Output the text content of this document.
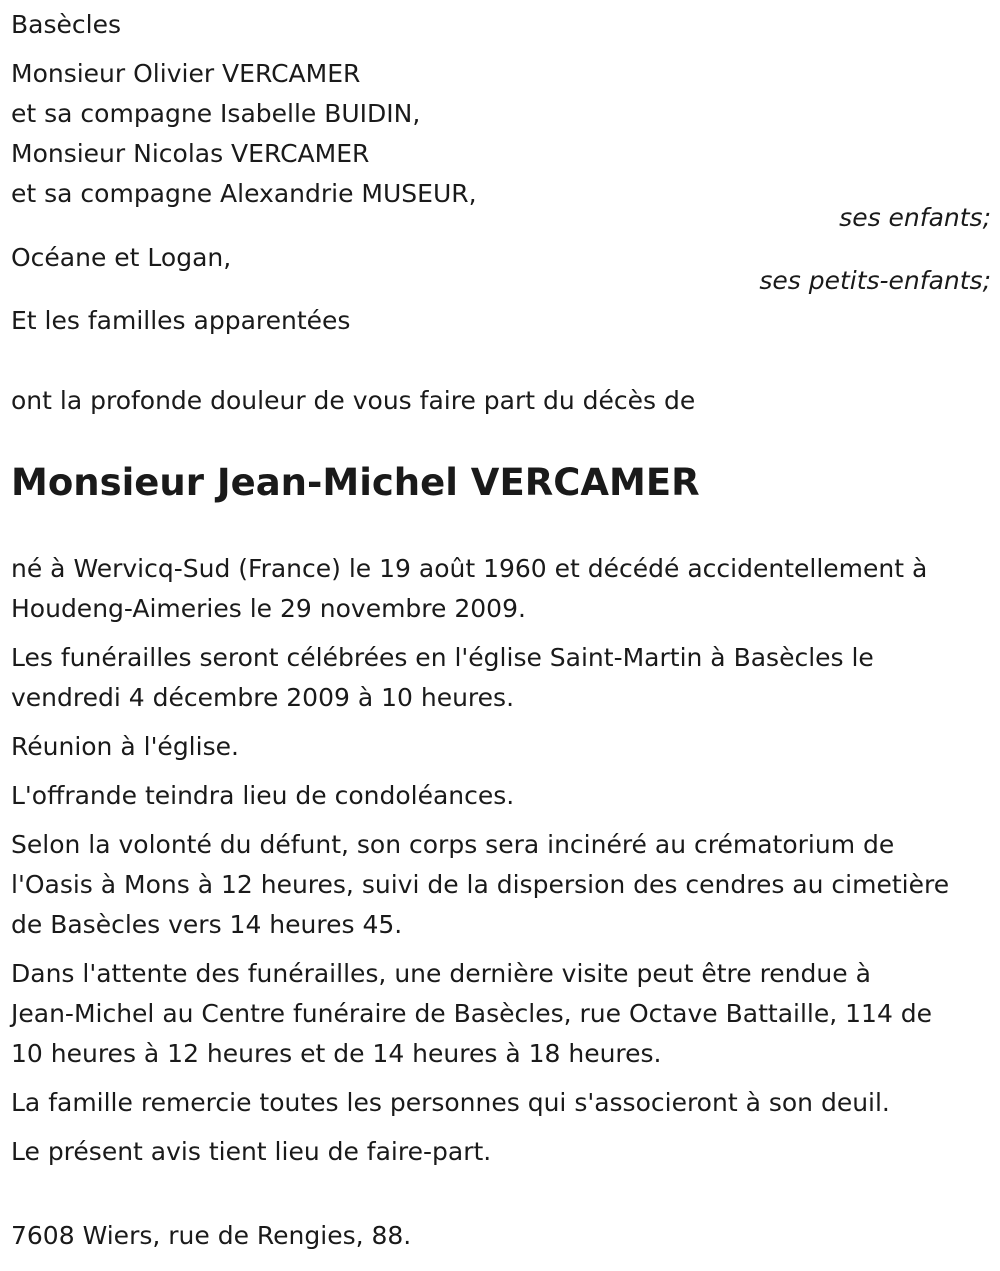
Basècles

Monsieur Olivier VERCAMER

et sa compagne Isabelle BUIDIN,

Monsieur Nicolas VERCAMER

et sa compagne Alexandrie MUSEUR,

ses enfants;

Océane et Logan,

ses petits-enfants;

Et les familles apparentées

ont la profonde douleur de vous faire part du décès de

Monsieur Jean-Michel VERCAMER
né à Wervicq-Sud (France) le 19 août 1960 et décédé accidentellement à
Houdeng-Aimeries le 29 novembre 2009.
Les funérailles seront célébrées en l'église Saint-Martin à Basècles le
vendredi 4 décembre 2009 à 10 heures.
Réunion à l'église.
L'offrande teindra lieu de condoléances.
Selon la volonté du défunt, son corps sera incinéré au crématorium de
l'Oasis à Mons à 12 heures, suivi de la dispersion des cendres au cimetière
de Basècles vers 14 heures 45.
Dans l'attente des funérailles, une dernière visite peut être rendue à
Jean-Michel au Centre funéraire de Basècles, rue Octave Battaille, 114 de
10 heures à 12 heures et de 14 heures à 18 heures.
La famille remercie toutes les personnes qui s'associeront à son deuil.
Le présent avis tient lieu de faire-part.

7608 Wiers, rue de Rengies, 88.
